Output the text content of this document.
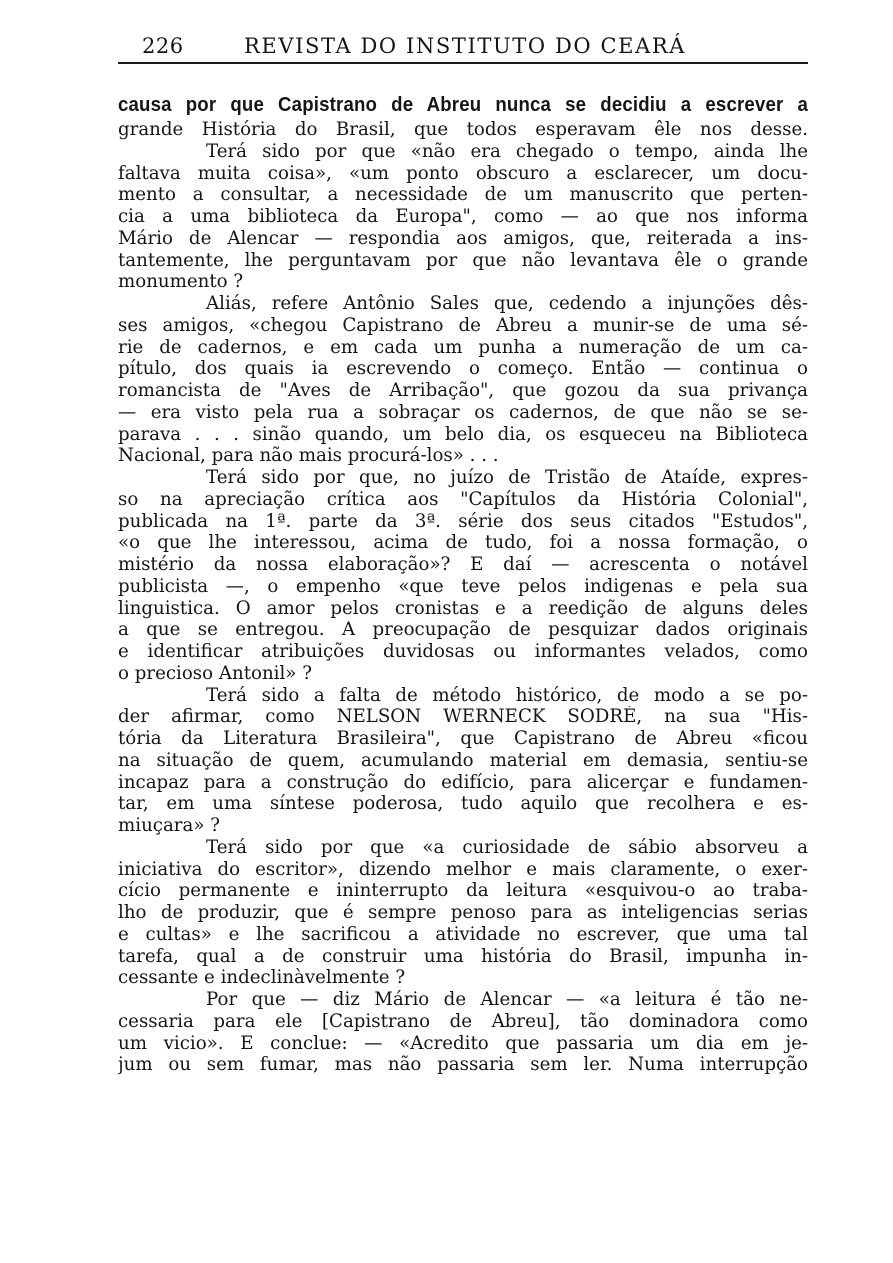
226	REVISTA DO INSTITUTO DO CEARÁ
causa por que Capistrano de Abreu nunca se decidiu a escrever a
grande História do Brasil, que todos esperavam êle nos desse.
Terá sido por que «não era chegado o tempo, ainda lhe
faltava muita coisa», «um ponto obscuro a esclarecer, um docu-
mento a consultar, a necessidade de um manuscrito que perten-
cia a uma biblioteca da Europa", como — ao que nos informa
Mário de Alencar — respondia aos amigos, que, reiterada a ins-
tantemente, lhe perguntavam por que não levantava êle o grande
monumento ?
Aliás, refere Antônio Sales que, cedendo a injunções dês-
ses amigos, «chegou Capistrano de Abreu a munir-se de uma sé-
rie de cadernos, e em cada um punha a numeração de um ca-
pítulo, dos quais ia escrevendo o começo. Então — continua o
romancista de "Aves de Arribação", que gozou da sua privança
— era visto pela rua a sobraçar os cadernos, de que não se se-
parava . . . sinão quando, um belo dia, os esqueceu na Biblioteca
Nacional, para não mais procurá-los» . . .
Terá sido por que, no juízo de Tristão de Ataíde, expres-
so na apreciação crítica aos "Capítulos da História Colonial",
publicada na 1ª. parte da 3ª. série dos seus citados "Estudos",
«o que lhe interessou, acima de tudo, foi a nossa formação, o
mistério da nossa elaboração»? E daí — acrescenta o notável
publicista —, o empenho «que teve pelos indigenas e pela sua
linguistica. O amor pelos cronistas e a reedição de alguns deles
a que se entregou. A preocupação de pesquizar dados originais
e identificar atribuições duvidosas ou informantes velados, como
o precioso Antonil» ?
Terá sido a falta de método histórico, de modo a se po-
der afirmar, como NELSON WERNECK SODRÉ, na sua "His-
tória da Literatura Brasileira", que Capistrano de Abreu «ficou
na situação de quem, acumulando material em demasia, sentiu-se
incapaz para a construção do edifício, para alicerçar e fundamen-
tar, em uma síntese poderosa, tudo aquilo que recolhera e es-
miuçara» ?
Terá sido por que «a curiosidade de sábio absorveu a
iniciativa do escritor», dizendo melhor e mais claramente, o exer-
cício permanente e ininterrupto da leitura «esquivou-o ao traba-
lho de produzir, que é sempre penoso para as inteligencias serias
e cultas» e lhe sacrificou a atividade no escrever, que uma tal
tarefa, qual a de construir uma história do Brasil, impunha in-
cessante e indeclinàvelmente ?
Por que — diz Mário de Alencar — «a leitura é tão ne-
cessaria para ele [Capistrano de Abreu], tão dominadora como
um vicio». E conclue: — «Acredito que passaria um dia em je-
jum ou sem fumar, mas não passaria sem ler. Numa interrupção
